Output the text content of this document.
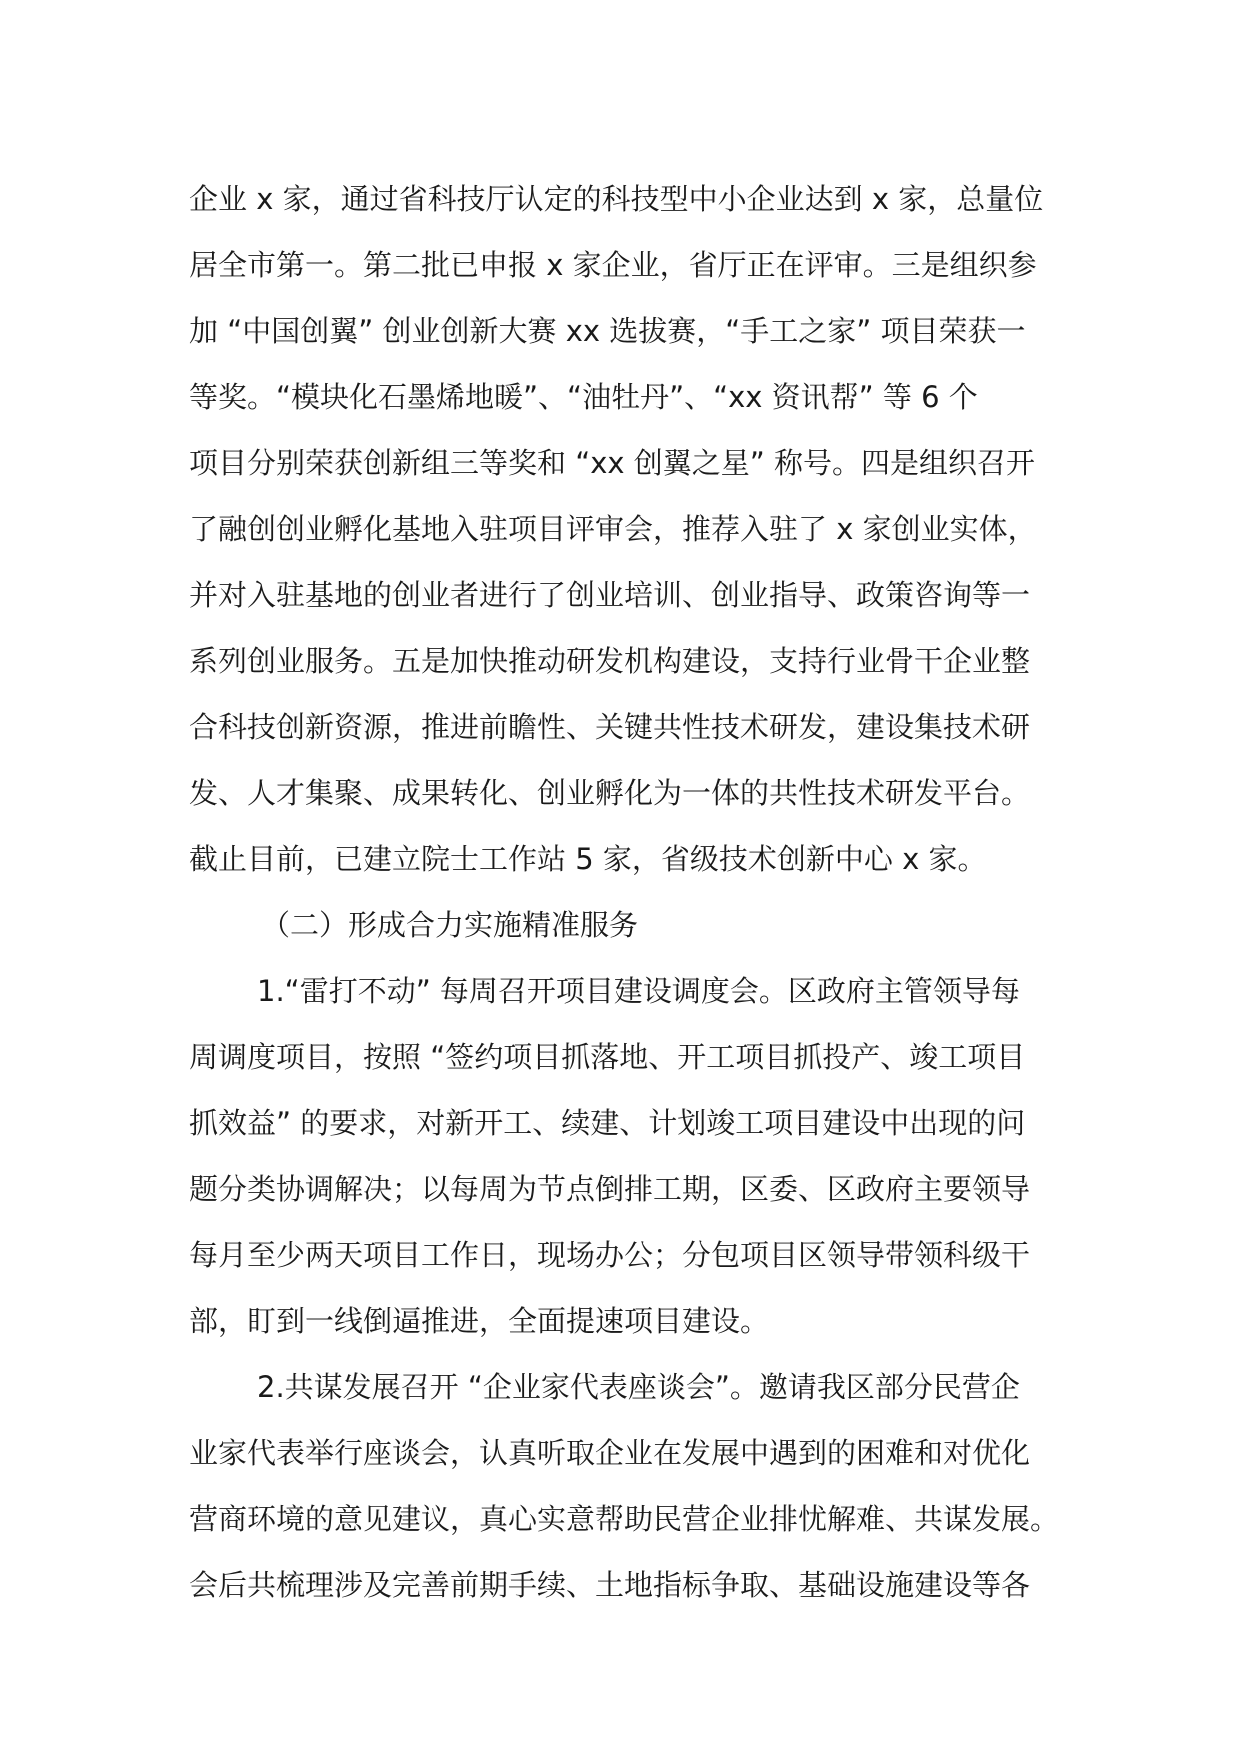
企业 x 家，通过省科技厅认定的科技型中小企业达到 x 家，总量位
居全市第一。第二批已申报 x 家企业，省厅正在评审。三是组织参
加 “中国创翼” 创业创新大赛 xx 选拔赛，“手工之家” 项目荣获一
等奖。“模块化石墨烯地暖”、“油牡丹”、“xx 资讯帮” 等 6 个
项目分别荣获创新组三等奖和 “xx 创翼之星” 称号。四是组织召开
了融创创业孵化基地入驻项目评审会，推荐入驻了 x 家创业实体，
并对入驻基地的创业者进行了创业培训、创业指导、政策咨询等一
系列创业服务。五是加快推动研发机构建设，支持行业骨干企业整
合科技创新资源，推进前瞻性、关键共性技术研发，建设集技术研
发、人才集聚、成果转化、创业孵化为一体的共性技术研发平台。
截止目前，已建立院士工作站 5 家，省级技术创新中心 x 家。
（二）形成合力实施精准服务
1.“雷打不动” 每周召开项目建设调度会。区政府主管领导每
周调度项目，按照 “签约项目抓落地、开工项目抓投产、竣工项目
抓效益” 的要求，对新开工、续建、计划竣工项目建设中出现的问
题分类协调解决；以每周为节点倒排工期，区委、区政府主要领导
每月至少两天项目工作日，现场办公；分包项目区领导带领科级干
部，盯到一线倒逼推进，全面提速项目建设。
2.共谋发展召开 “企业家代表座谈会”。邀请我区部分民营企
业家代表举行座谈会，认真听取企业在发展中遇到的困难和对优化
营商环境的意见建议，真心实意帮助民营企业排忧解难、共谋发展。
会后共梳理涉及完善前期手续、土地指标争取、基础设施建设等各
